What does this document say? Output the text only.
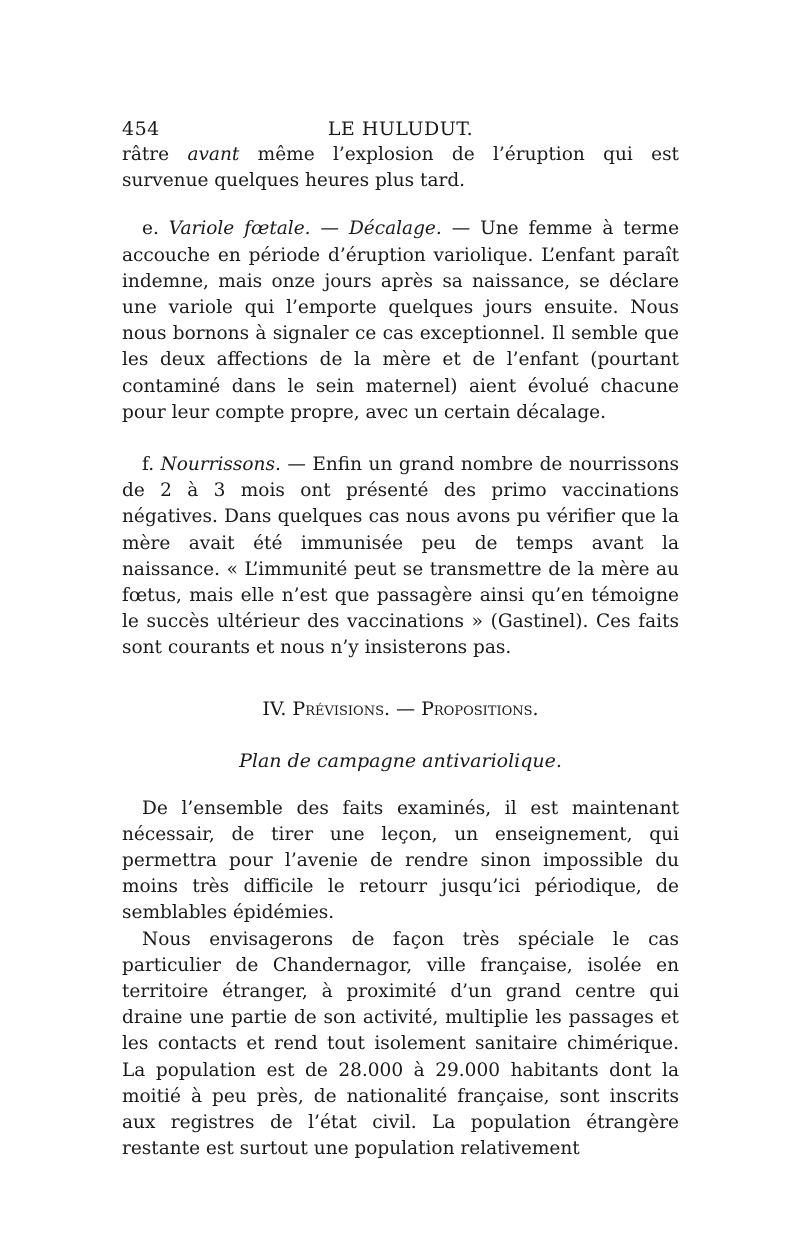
454	LE HULUDUT.

râtre avant même l’explosion de l’éruption qui est survenue quelques heures plus tard.

e. Variole fœtale. — Décalage. — Une femme à terme accouche en période d’éruption variolique. L’enfant paraît indemne, mais onze jours après sa naissance, se déclare une variole qui l’emporte quelques jours ensuite. Nous nous bornons à signaler ce cas exceptionnel. Il semble que les deux affections de la mère et de l’enfant (pourtant contaminé dans le sein maternel) aient évolué chacune pour leur compte propre, avec un certain décalage.

f. Nourrissons. — Enfin un grand nombre de nourrissons de 2 à 3 mois ont présenté des primo vaccinations négatives. Dans quelques cas nous avons pu vérifier que la mère avait été immunisée peu de temps avant la naissance. « L’immunité peut se transmettre de la mère au fœtus, mais elle n’est que passagère ainsi qu’en témoigne le succès ultérieur des vaccinations » (Gastinel). Ces faits sont courants et nous n’y insisterons pas.

IV. Prévisions. — Propositions.
Plan de campagne antivariolique.

De l’ensemble des faits examinés, il est maintenant nécessair, de tirer une leçon, un enseignement, qui permettra pour l’avenie de rendre sinon impossible du moins très difficile le retourr jusqu’ici périodique, de semblables épidémies.

Nous envisagerons de façon très spéciale le cas particulier de Chandernagor, ville française, isolée en territoire étranger, à proximité d’un grand centre qui draine une partie de son activité, multiplie les passages et les contacts et rend tout isolement sanitaire chimérique. La population est de 28.000 à 29.000 habitants dont la moitié à peu près, de nationalité française, sont inscrits aux registres de l’état civil. La population étrangère restante est surtout une population relativement
